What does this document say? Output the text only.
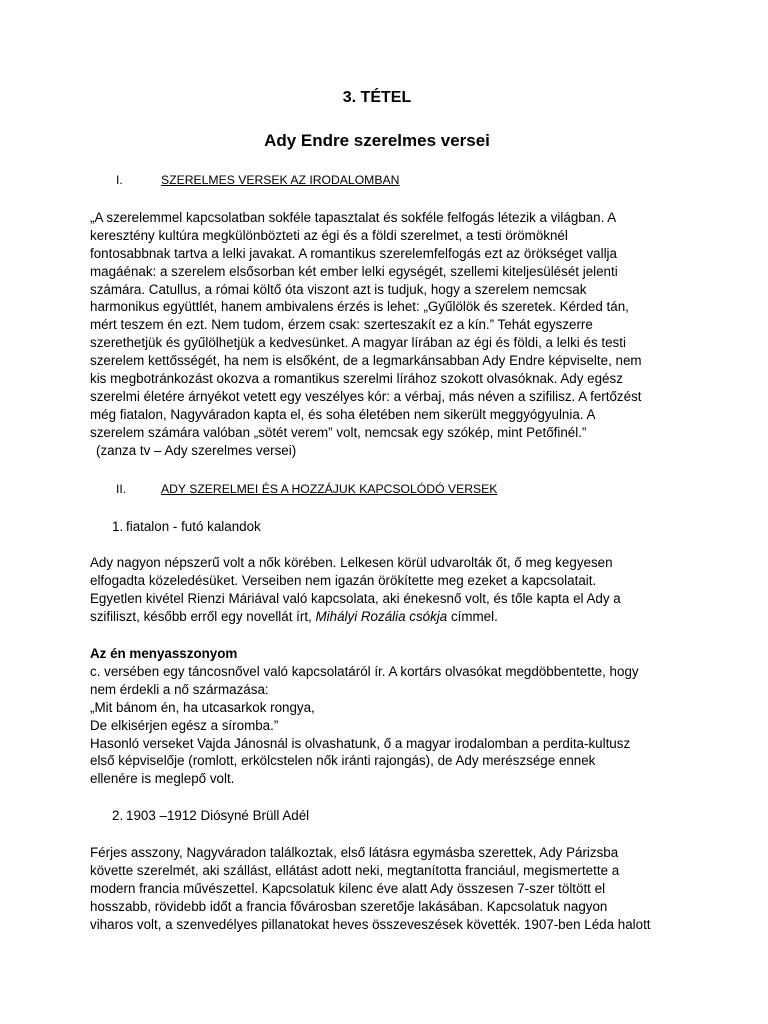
3. TÉTEL
Ady Endre szerelmes versei
I.	SZERELMES VERSEK AZ IRODALOMBAN
„A szerelemmel kapcsolatban sokféle tapasztalat és sokféle felfogás létezik a világban. A
keresztény kultúra megkülönbözteti az égi és a földi szerelmet, a testi örömöknél
fontosabbnak tartva a lelki javakat. A romantikus szerelemfelfogás ezt az örökséget vallja
magáénak: a szerelem elsősorban két ember lelki egységét, szellemi kiteljesülését jelenti
számára. Catullus, a római költő óta viszont azt is tudjuk, hogy a szerelem nemcsak
harmonikus együttlét, hanem ambivalens érzés is lehet: „Gyűlölök és szeretek. Kérded tán,
mért teszem én ezt. Nem tudom, érzem csak: szerteszakít ez a kín.” Tehát egyszerre
szerethetjük és gyűlölhetjük a kedvesünket. A magyar lírában az égi és földi, a lelki és testi
szerelem kettősségét, ha nem is elsőként, de a legmarkánsabban Ady Endre képviselte, nem
kis megbotránkozást okozva a romantikus szerelmi lírához szokott olvasóknak. Ady egész
szerelmi életére árnyékot vetett egy veszélyes kór: a vérbaj, más néven a szifilisz. A fertőzést
még fiatalon, Nagyváradon kapta el, és soha életében nem sikerült meggyógyulnia. A
szerelem számára valóban „sötét verem” volt, nemcsak egy szókép, mint Petőfinél.”
(zanza tv – Ady szerelmes versei)
II.	ADY SZERELMEI ÉS A HOZZÁJUK KAPCSOLÓDÓ VERSEK
1. fiatalon - futó kalandok
Ady nagyon népszerű volt a nők körében. Lelkesen körül udvarolták őt, ő meg kegyesen
elfogadta közeledésüket. Verseiben nem igazán örökítette meg ezeket a kapcsolatait.
Egyetlen kivétel Rienzi Máriával való kapcsolata, aki énekesnő volt, és tőle kapta el Ady a
szifiliszt, később erről egy novellát írt, Mihályi Rozália csókja címmel.
Az én menyasszonyom
c. versében egy táncosnővel való kapcsolatáról ír. A kortárs olvasókat megdöbbentette, hogy
nem érdekli a nő származása:
„Mit bánom én, ha utcasarkok rongya,
De elkisérjen egész a síromba.”
Hasonló verseket Vajda Jánosnál is olvashatunk, ő a magyar irodalomban a perdita-kultusz
első képviselője (romlott, erkölcstelen nők iránti rajongás), de Ady merészsége ennek
ellenére is meglepő volt.
2. 1903 –1912 Diósyné Brüll Adél
Férjes asszony, Nagyváradon találkoztak, első látásra egymásba szerettek, Ady Párizsba
követte szerelmét, aki szállást, ellátást adott neki, megtanította franciául, megismertette a
modern francia művészettel. Kapcsolatuk kilenc éve alatt Ady összesen 7-szer töltött el
hosszabb, rövidebb időt a francia fővárosban szeretője lakásában. Kapcsolatuk nagyon
viharos volt, a szenvedélyes pillanatokat heves összeveszések követték. 1907-ben Léda halott
